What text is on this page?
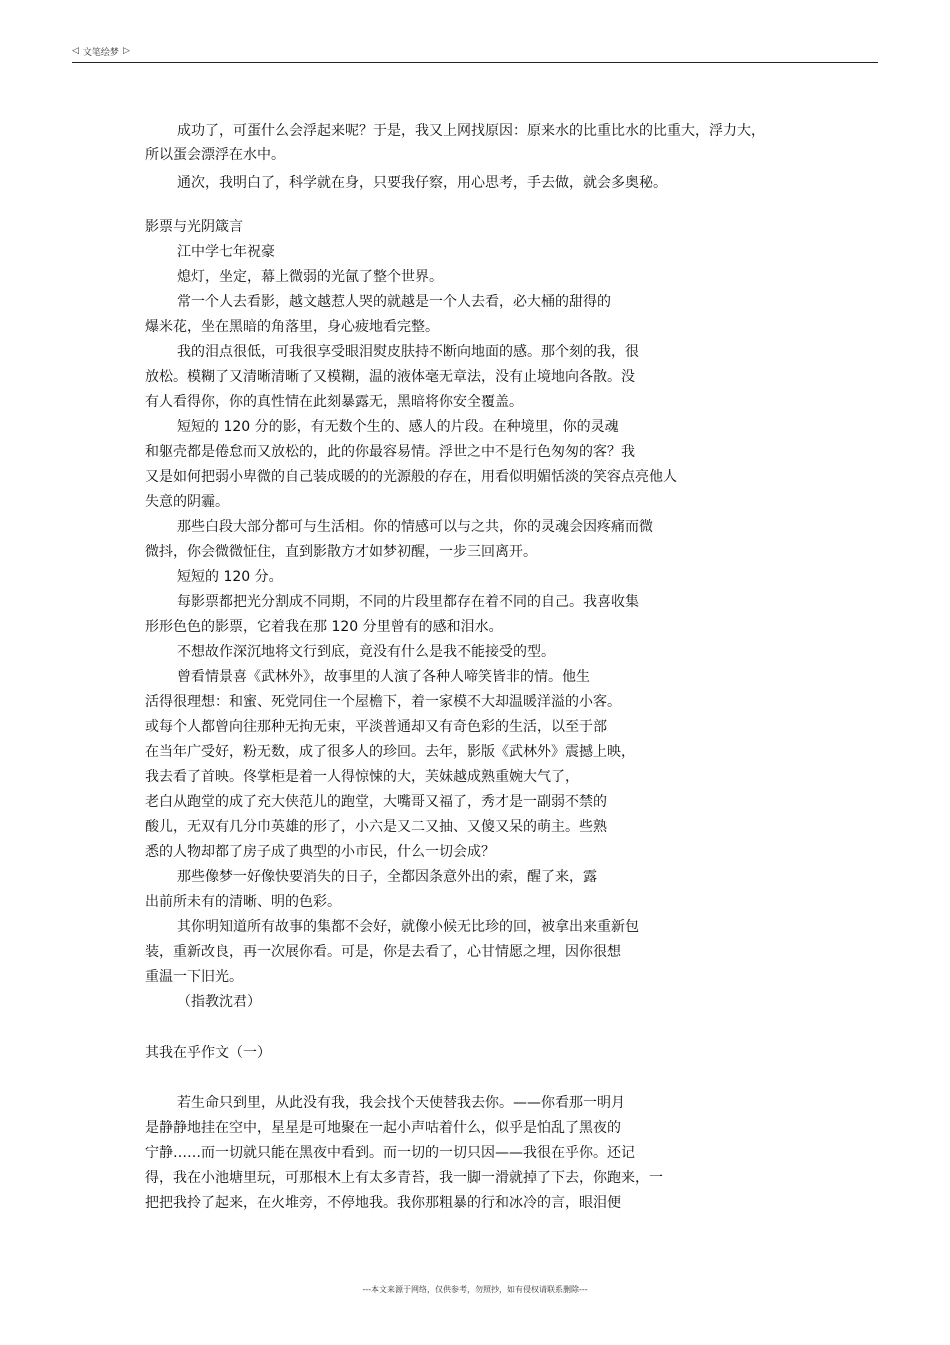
◁ 文笔绘梦 ▷
成功了，可蛋什么会浮起来呢？于是，我又上网找原因：原来水的比重比水的比重大，浮力大，
所以蛋会漂浮在水中。
通次，我明白了，科学就在身，只要我仔察，用心思考，手去做，就会多奥秘。
影票与光阴箴言
江中学七年祝豪
熄灯，坐定，幕上微弱的光氤了整个世界。
常一个人去看影，越文越惹人哭的就越是一个人去看，必大桶的甜得的
爆米花，坐在黑暗的角落里，身心疲地看完整。
我的泪点很低，可我很享受眼泪熨皮肤持不断向地面的感。那个刻的我，很
放松。模糊了又清晰清晰了又模糊，温的液体毫无章法，没有止境地向各散。没
有人看得你，你的真性情在此刻暴露无，黑暗将你安全覆盖。
短短的 120 分的影，有无数个生的、感人的片段。在种境里，你的灵魂
和躯壳都是倦怠而又放松的，此的你最容易情。浮世之中不是行色匆匆的客？我
又是如何把弱小卑微的自己装成暖的的光源般的存在，用看似明媚恬淡的笑容点亮他人
失意的阴霾。
那些白段大部分都可与生活相。你的情感可以与之共，你的灵魂会因疼痛而微
微抖，你会微微怔住，直到影散方才如梦初醒，一步三回离开。
短短的 120 分。
每影票都把光分割成不同期，不同的片段里都存在着不同的自己。我喜收集
形形色色的影票，它着我在那 120 分里曾有的感和泪水。
不想故作深沉地将文行到底，竟没有什么是我不能接受的型。
曾看情景喜《武林外》，故事里的人演了各种人啼笑皆非的情。他生
活得很理想：和蜜、死党同住一个屋檐下，着一家模不大却温暖洋溢的小客。
或每个人都曾向往那种无拘无束，平淡普通却又有奇色彩的生活，以至于部
在当年广受好，粉无数，成了很多人的珍回。去年，影版《武林外》震撼上映，
我去看了首映。佟掌柜是着一人得惊悚的大，芙妹越成熟重婉大气了，
老白从跑堂的成了充大侠范儿的跑堂，大嘴哥又福了，秀才是一副弱不禁的
酸儿，无双有几分巾英雄的形了，小六是又二又抽、又傻又呆的萌主。些熟
悉的人物却都了房子成了典型的小市民，什么一切会成？
那些像梦一好像快要消失的日子，全都因条意外出的索，醒了来，露
出前所未有的清晰、明的色彩。
其你明知道所有故事的集都不会好，就像小候无比珍的回，被拿出来重新包
装，重新改良，再一次展你看。可是，你是去看了，心甘情愿之埋，因你很想
重温一下旧光。
（指教沈君）
其我在乎作文（一）
若生命只到里，从此没有我，我会找个天使替我去你。——你看那一明月
是静静地挂在空中，星星是可地聚在一起小声咕着什么，似乎是怕乱了黑夜的
宁静……而一切就只能在黑夜中看到。而一切的一切只因——我很在乎你。还记
得，我在小池塘里玩，可那根木上有太多青苔，我一脚一滑就掉了下去，你跑来，一
把把我拎了起来，在火堆旁，不停地我。我你那粗暴的行和冰冷的言，眼泪便
---本文来源于网络，仅供参考，勿照抄，如有侵权请联系删除---
